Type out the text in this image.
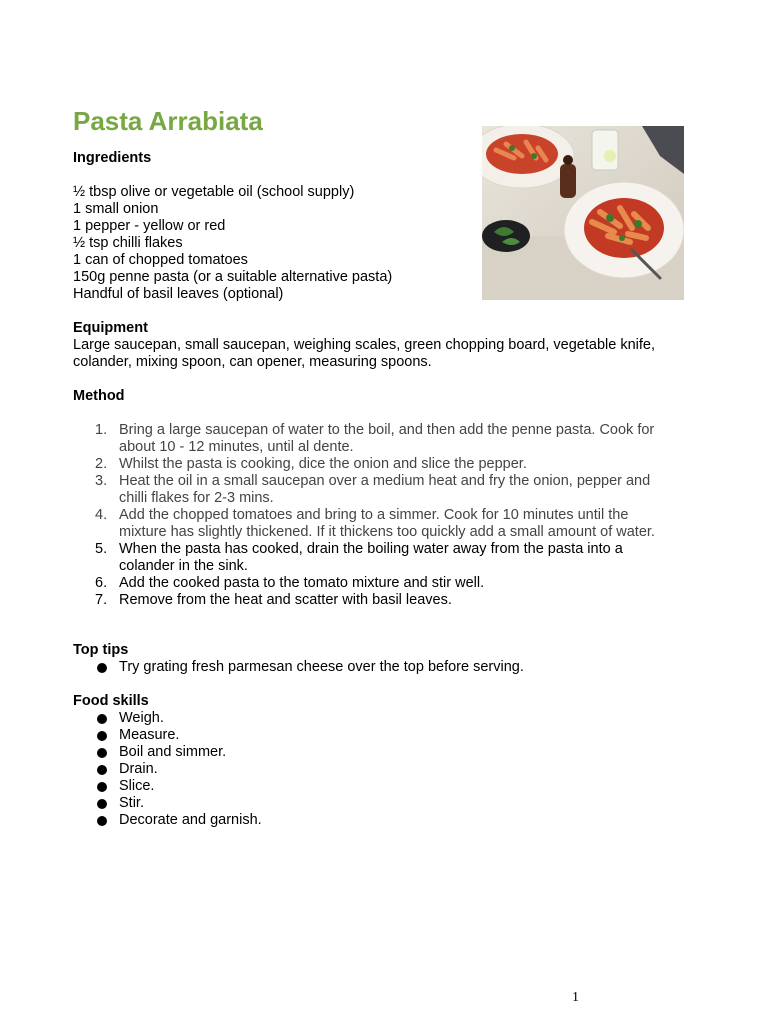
Pasta Arrabiata

Ingredients

½ tbsp olive or vegetable oil (school supply)
1 small onion
1 pepper - yellow or red
½ tsp chilli flakes
1 can of chopped tomatoes
150g penne pasta (or a suitable alternative pasta)
Handful of basil leaves (optional)

Equipment

Large saucepan, small saucepan, weighing scales, green chopping board, vegetable knife, colander, mixing spoon, can opener, measuring spoons.

Method

1. Bring a large saucepan of water to the boil, and then add the penne pasta. Cook for about 10 - 12 minutes, until al dente.
2. Whilst the pasta is cooking, dice the onion and slice the pepper.
3. Heat the oil in a small saucepan over a medium heat and fry the onion, pepper and chilli flakes for 2-3 mins.
4. Add the chopped tomatoes and bring to a simmer. Cook for 10 minutes until the mixture has slightly thickened. If it thickens too quickly add a small amount of water.
5. When the pasta has cooked, drain the boiling water away from the pasta into a colander in the sink.
6. Add the cooked pasta to the tomato mixture and stir well.
7. Remove from the heat and scatter with basil leaves.

Top tips

Try grating fresh parmesan cheese over the top before serving.

Food skills

Weigh.
Measure.
Boil and simmer.
Drain.
Slice.
Stir.
Decorate and garnish.
1
